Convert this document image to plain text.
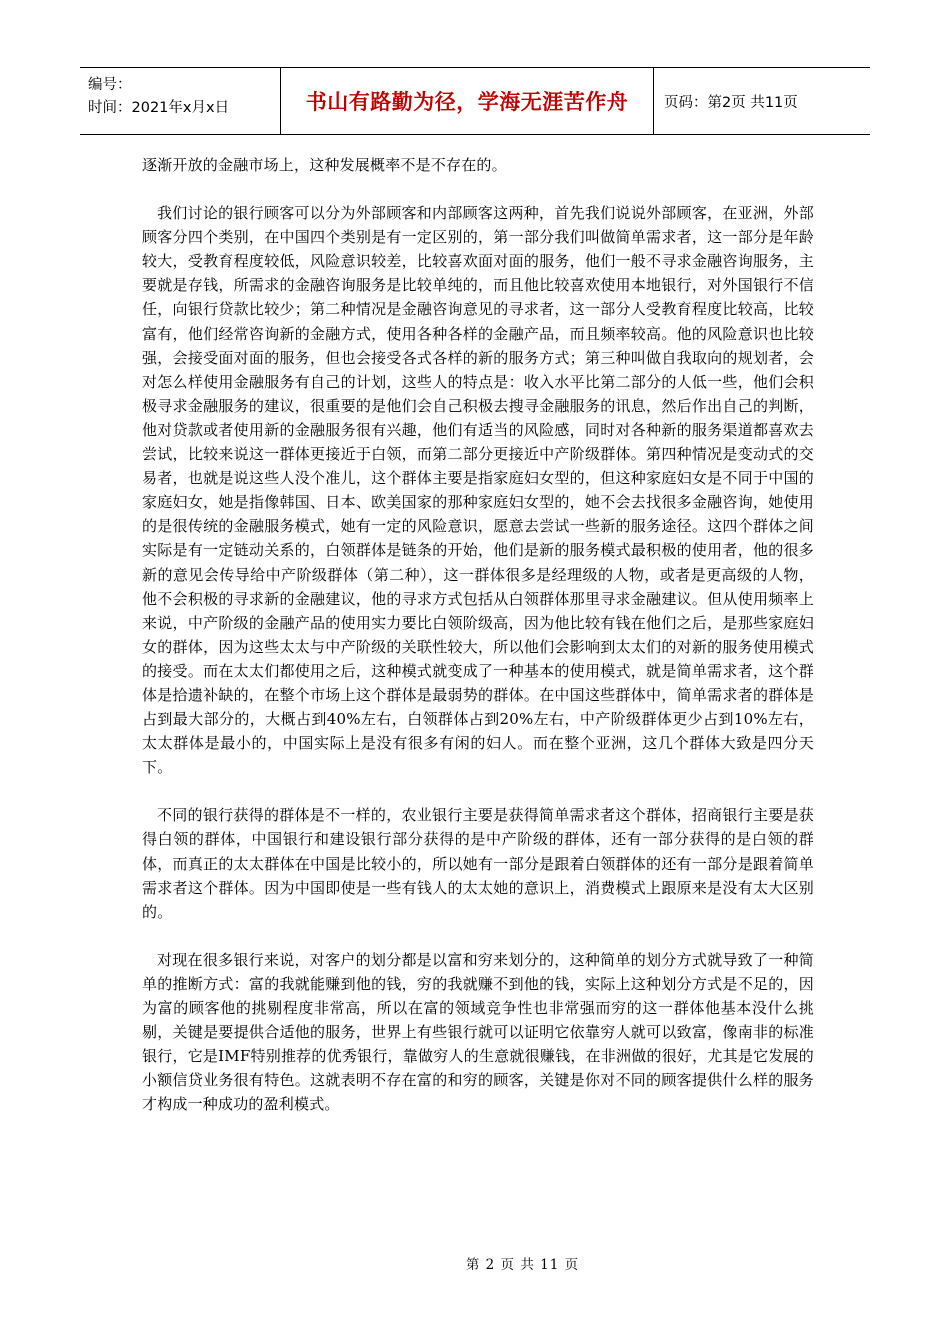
编号：
时间：2021年x月x日	书山有路勤为径，学海无涯苦作舟	页码：第2页 共11页

逐渐开放的金融市场上，这种发展概率不是不存在的。

我们讨论的银行顾客可以分为外部顾客和内部顾客这两种，首先我们说说外部顾客，在亚洲，外部顾客分四个类别，在中国四个类别是有一定区别的，第一部分我们叫做简单需求者，这一部分是年龄较大，受教育程度较低，风险意识较差，比较喜欢面对面的服务，他们一般不寻求金融咨询服务，主要就是存钱，所需求的金融咨询服务是比较单纯的，而且他比较喜欢使用本地银行，对外国银行不信任，向银行贷款比较少；第二种情况是金融咨询意见的寻求者，这一部分人受教育程度比较高，比较富有，他们经常咨询新的金融方式，使用各种各样的金融产品，而且频率较高。他的风险意识也比较强，会接受面对面的服务，但也会接受各式各样的新的服务方式；第三种叫做自我取向的规划者，会对怎么样使用金融服务有自己的计划，这些人的特点是：收入水平比第二部分的人低一些，他们会积极寻求金融服务的建议，很重要的是他们会自己积极去搜寻金融服务的讯息，然后作出自己的判断，他对贷款或者使用新的金融服务很有兴趣，他们有适当的风险感，同时对各种新的服务渠道都喜欢去尝试，比较来说这一群体更接近于白领，而第二部分更接近中产阶级群体。第四种情况是变动式的交易者，也就是说这些人没个准儿，这个群体主要是指家庭妇女型的，但这种家庭妇女是不同于中国的家庭妇女，她是指像韩国、日本、欧美国家的那种家庭妇女型的，她不会去找很多金融咨询，她使用的是很传统的金融服务模式，她有一定的风险意识，愿意去尝试一些新的服务途径。这四个群体之间实际是有一定链动关系的，白领群体是链条的开始，他们是新的服务模式最积极的使用者，他的很多新的意见会传导给中产阶级群体（第二种），这一群体很多是经理级的人物，或者是更高级的人物，他不会积极的寻求新的金融建议，他的寻求方式包括从白领群体那里寻求金融建议。但从使用频率上来说，中产阶级的金融产品的使用实力要比白领阶级高，因为他比较有钱在他们之后，是那些家庭妇女的群体，因为这些太太与中产阶级的关联性较大，所以他们会影响到太太们的对新的服务使用模式的接受。而在太太们都使用之后，这种模式就变成了一种基本的使用模式，就是简单需求者，这个群体是拾遗补缺的，在整个市场上这个群体是最弱势的群体。在中国这些群体中，简单需求者的群体是占到最大部分的，大概占到40%左右，白领群体占到20%左右，中产阶级群体更少占到10%左右，太太群体是最小的，中国实际上是没有很多有闲的妇人。而在整个亚洲，这几个群体大致是四分天下。

不同的银行获得的群体是不一样的，农业银行主要是获得简单需求者这个群体，招商银行主要是获得白领的群体，中国银行和建设银行部分获得的是中产阶级的群体，还有一部分获得的是白领的群体，而真正的太太群体在中国是比较小的，所以她有一部分是跟着白领群体的还有一部分是跟着简单需求者这个群体。因为中国即使是一些有钱人的太太她的意识上，消费模式上跟原来是没有太大区别的。

对现在很多银行来说，对客户的划分都是以富和穷来划分的，这种简单的划分方式就导致了一种简单的推断方式：富的我就能赚到他的钱，穷的我就赚不到他的钱，实际上这种划分方式是不足的，因为富的顾客他的挑剔程度非常高，所以在富的领域竞争性也非常强而穷的这一群体他基本没什么挑剔，关键是要提供合适他的服务，世界上有些银行就可以证明它依靠穷人就可以致富，像南非的标准银行，它是IMF特别推荐的优秀银行，靠做穷人的生意就很赚钱，在非洲做的很好，尤其是它发展的小额信贷业务很有特色。这就表明不存在富的和穷的顾客，关键是你对不同的顾客提供什么样的服务才构成一种成功的盈利模式。

第 2 页 共 11 页
